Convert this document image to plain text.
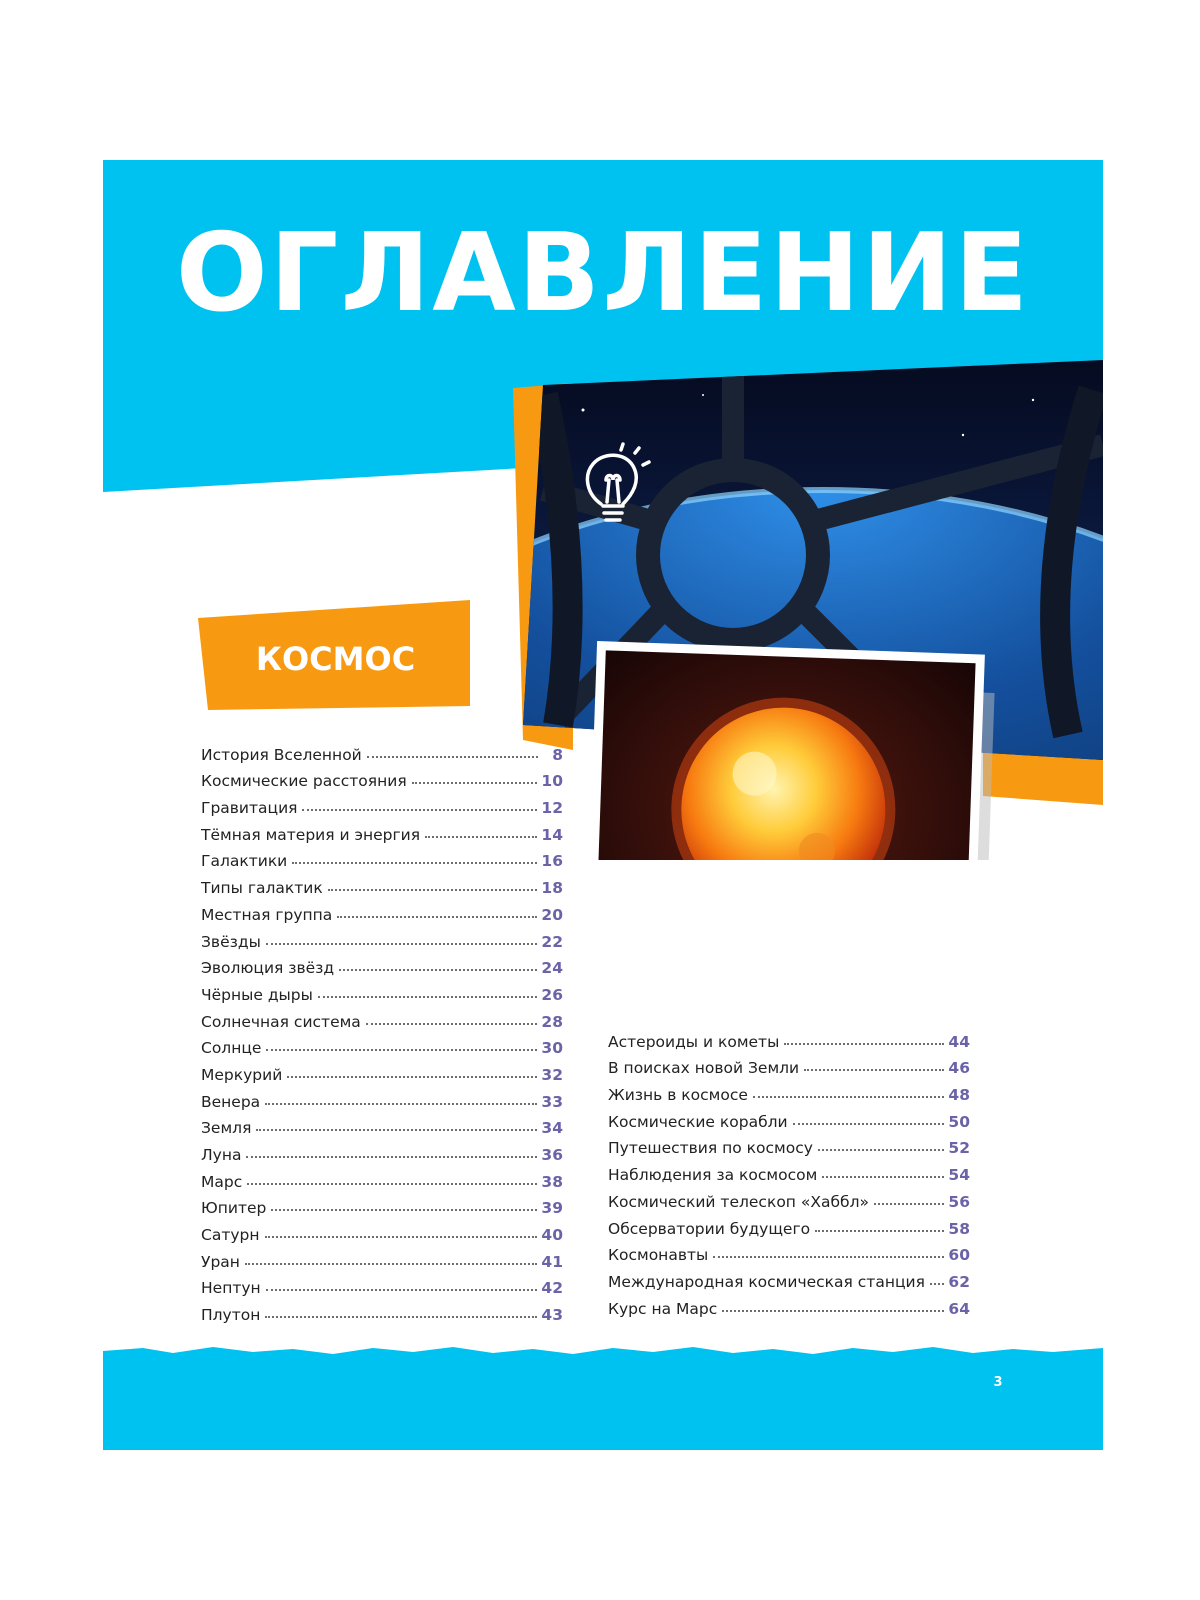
ОГЛАВЛЕНИЕ
КОСМОС
История Вселенной	8
Космические расстояния	10
Гравитация	12
Тёмная материя и энергия	14
Галактики	16
Типы галактик	18
Местная группа	20
Звёзды	22
Эволюция звёзд	24
Чёрные дыры	26
Солнечная система	28
Солнце	30
Меркурий	32
Венера	33
Земля	34
Луна	36
Марс	38
Юпитер	39
Сатурн	40
Уран	41
Нептун	42
Плутон	43
Астероиды и кометы	44
В поисках новой Земли	46
Жизнь в космосе	48
Космические корабли	50
Путешествия по космосу	52
Наблюдения за космосом	54
Космический телескоп «Хаббл»	56
Обсерватории будущего	58
Космонавты	60
Международная космическая станция	62
Курс на Марс	64
3
